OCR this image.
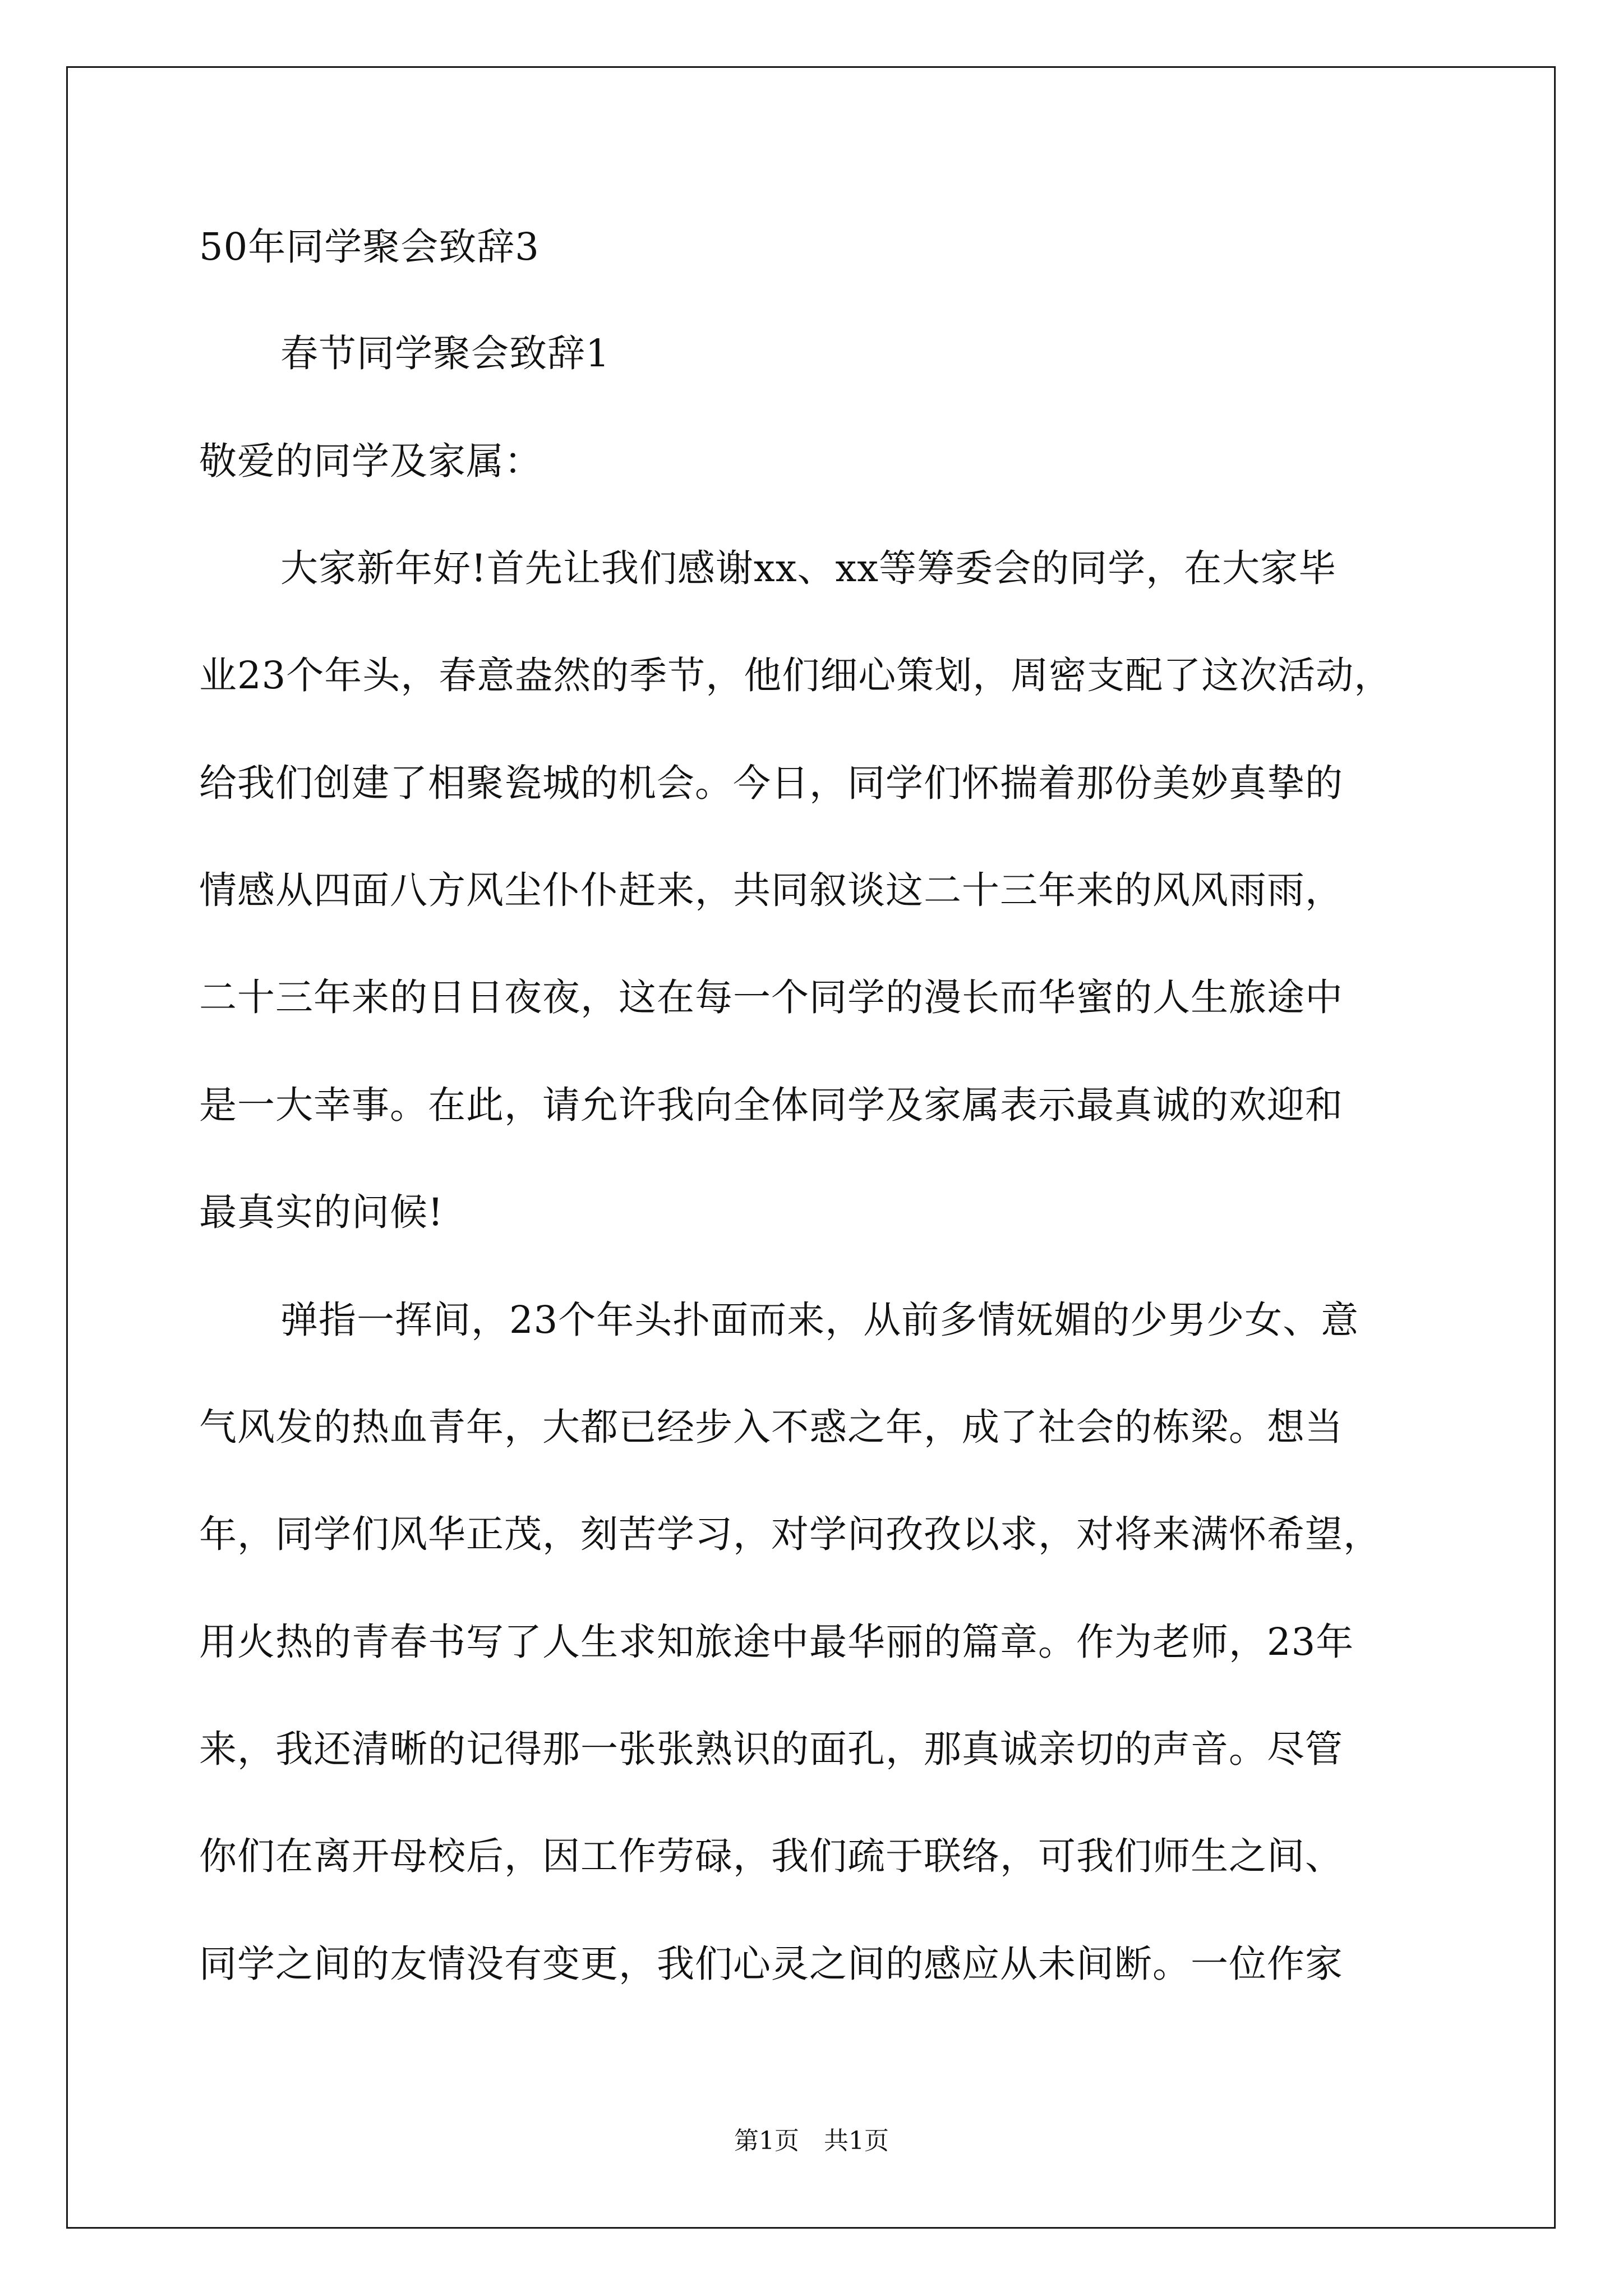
50年同学聚会致辞3
春节同学聚会致辞1
敬爱的同学及家属：
大家新年好!首先让我们感谢xx、xx等筹委会的同学，在大家毕
业23个年头，春意盎然的季节，他们细心策划，周密支配了这次活动，
给我们创建了相聚瓷城的机会。今日，同学们怀揣着那份美妙真挚的
情感从四面八方风尘仆仆赶来，共同叙谈这二十三年来的风风雨雨，
二十三年来的日日夜夜，这在每一个同学的漫长而华蜜的人生旅途中
是一大幸事。在此，请允许我向全体同学及家属表示最真诚的欢迎和
最真实的问候!
弹指一挥间，23个年头扑面而来，从前多情妩媚的少男少女、意
气风发的热血青年，大都已经步入不惑之年，成了社会的栋梁。想当
年，同学们风华正茂，刻苦学习，对学问孜孜以求，对将来满怀希望，
用火热的青春书写了人生求知旅途中最华丽的篇章。作为老师，23年
来，我还清晰的记得那一张张熟识的面孔，那真诚亲切的声音。尽管
你们在离开母校后，因工作劳碌，我们疏于联络，可我们师生之间、
同学之间的友情没有变更，我们心灵之间的感应从未间断。一位作家
第1页 共1页
